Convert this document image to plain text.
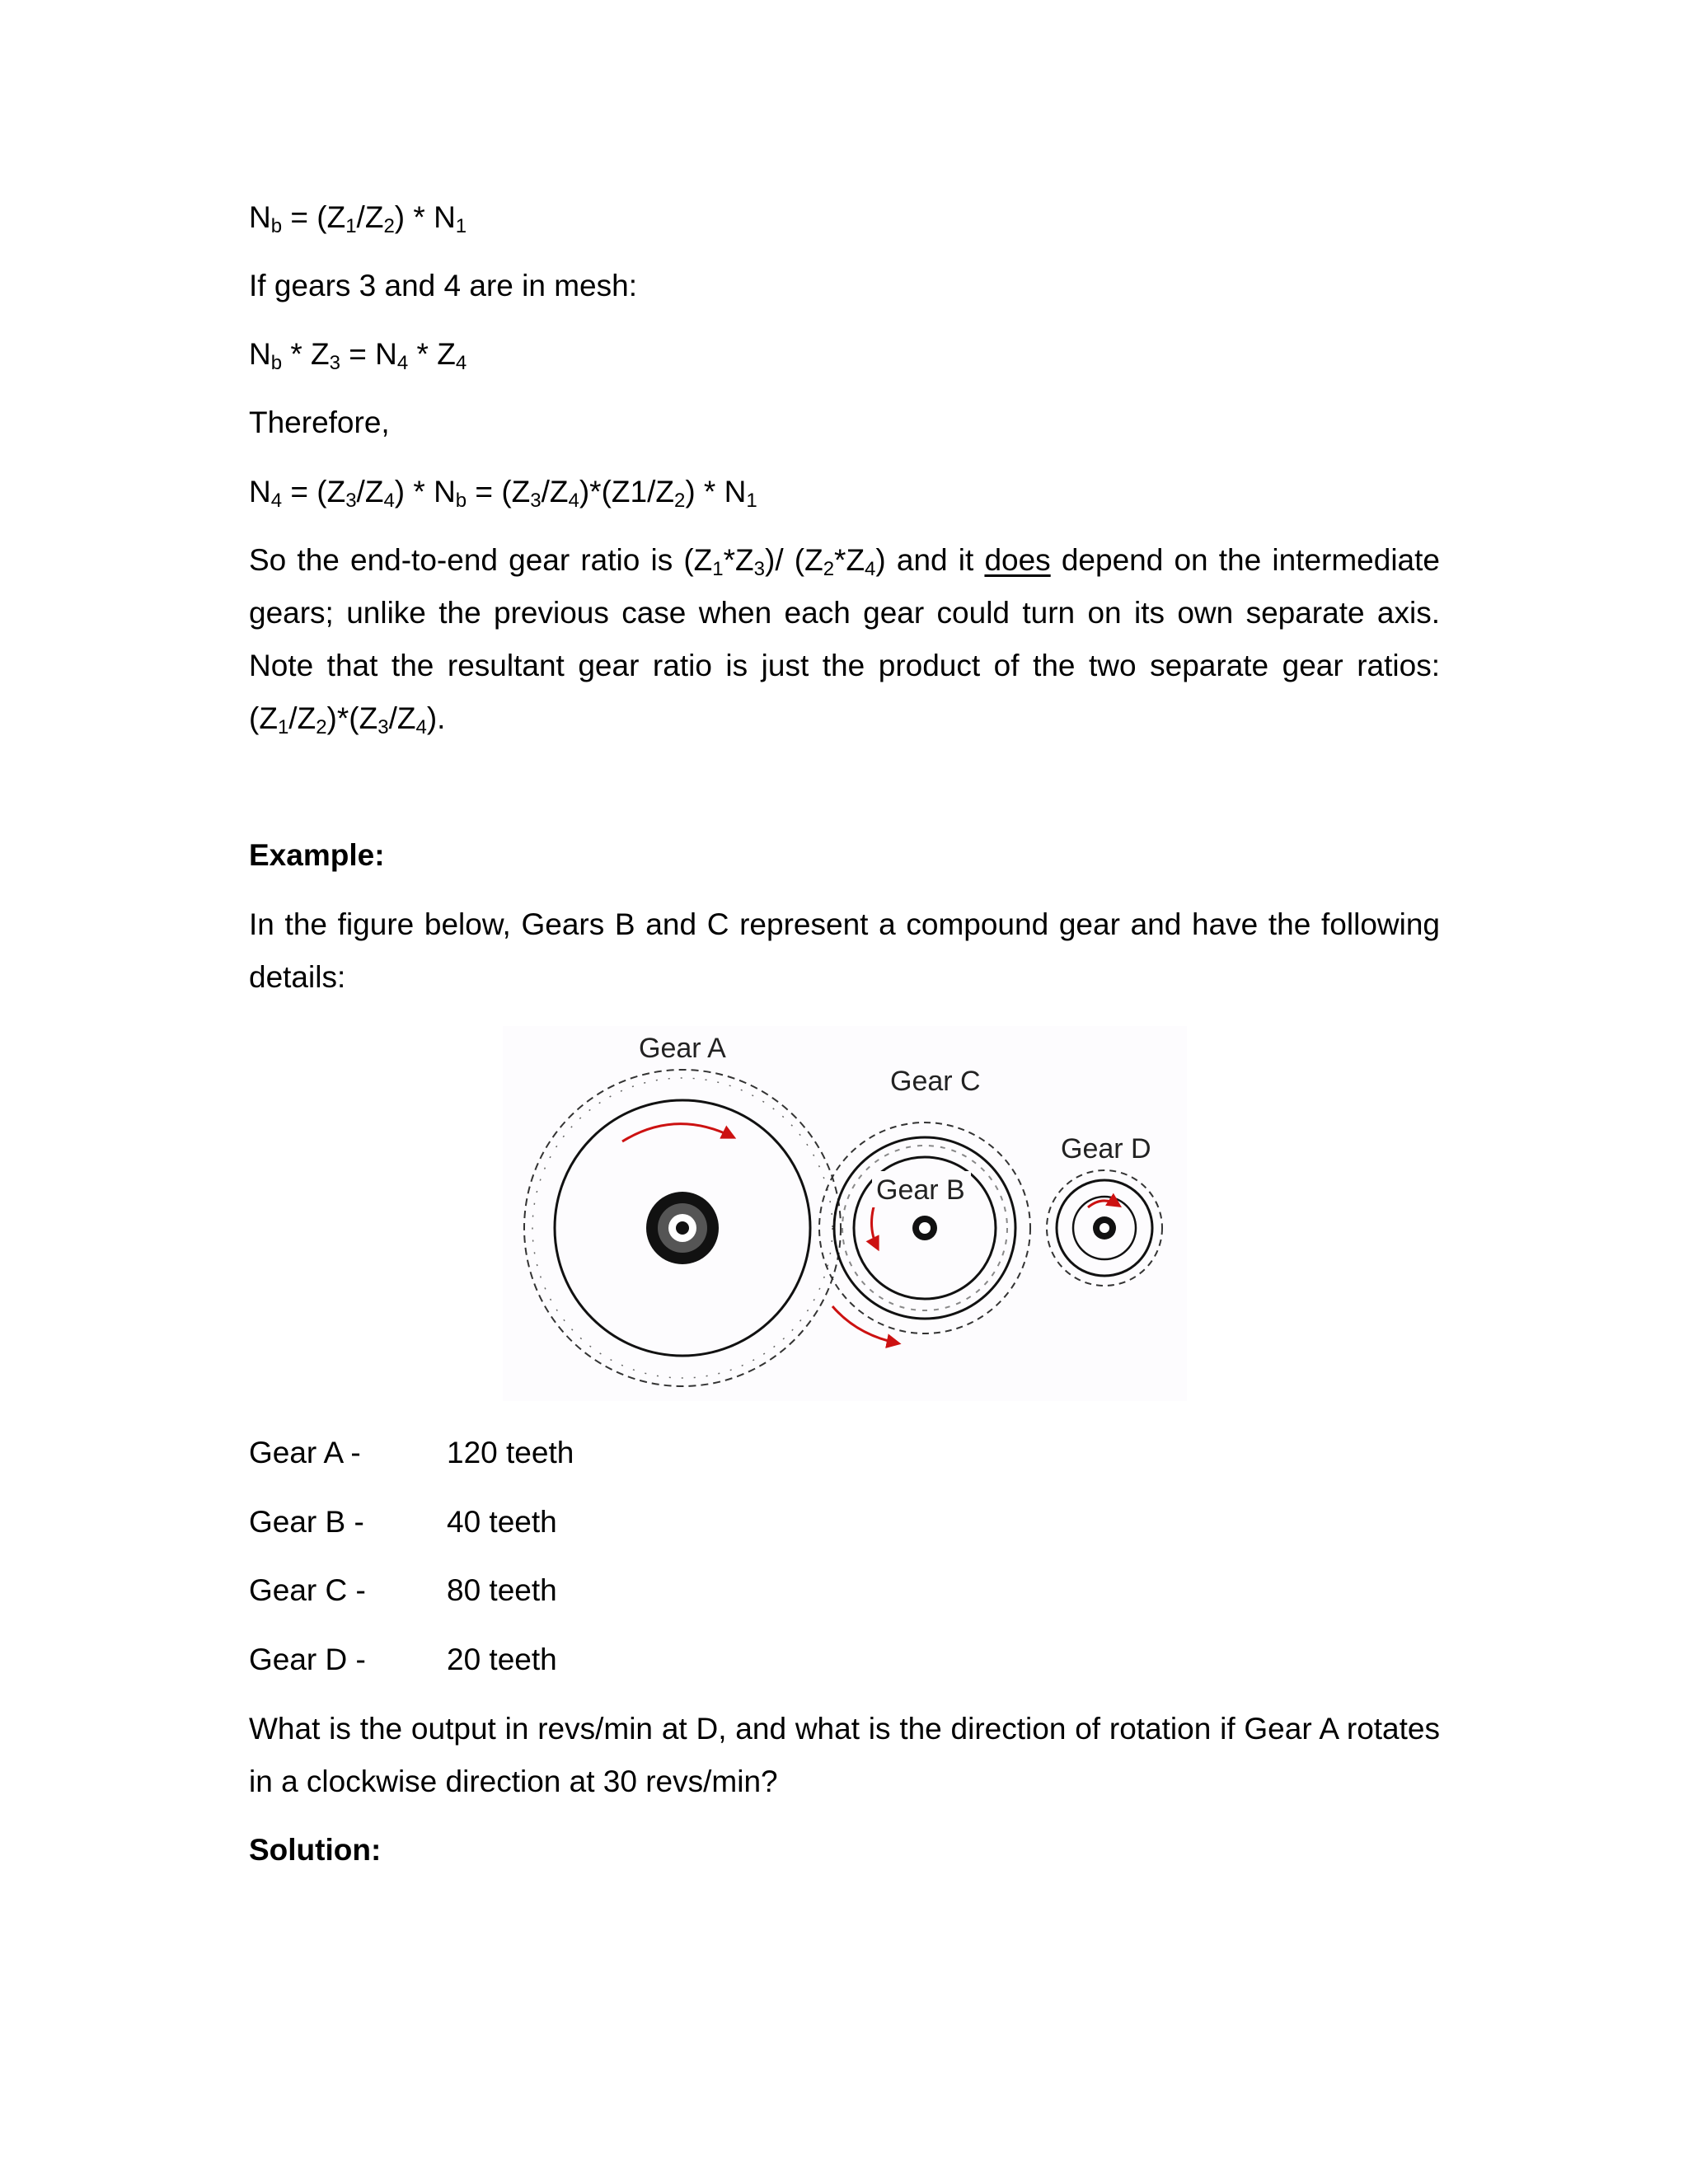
$N_b = (Z_1/Z_2) * N_1$
If gears 3 and 4 are in mesh:
$N_b * Z_3 = N_4 * Z_4$
Therefore,
$N_4 = (Z_3/Z_4) * N_b = (Z_3/Z_4)*(Z1/Z_2) * N_1$

So the end-to-end gear ratio is $(Z_1*Z_3)/$ $(Z_2*Z_4)$ and it does depend on the intermediate

gears; unlike the previous case when each gear could turn on its own separate axis.

Note that the resultant gear ratio is just the product of the two separate gear ratios:

$(Z_1/Z_2)*(Z_3/Z_4)$.

Example:

In the figure below, Gears B and C represent a compound gear and have the following

details:

Gear A
Gear C
Gear D
Gear B
Gear A -	120 teeth
Gear B -	40 teeth
Gear C -	80 teeth
Gear D -	20 teeth

What is the output in revs/min at D, and what is the direction of rotation if Gear A rotates

in a clockwise direction at 30 revs/min?

Solution:
